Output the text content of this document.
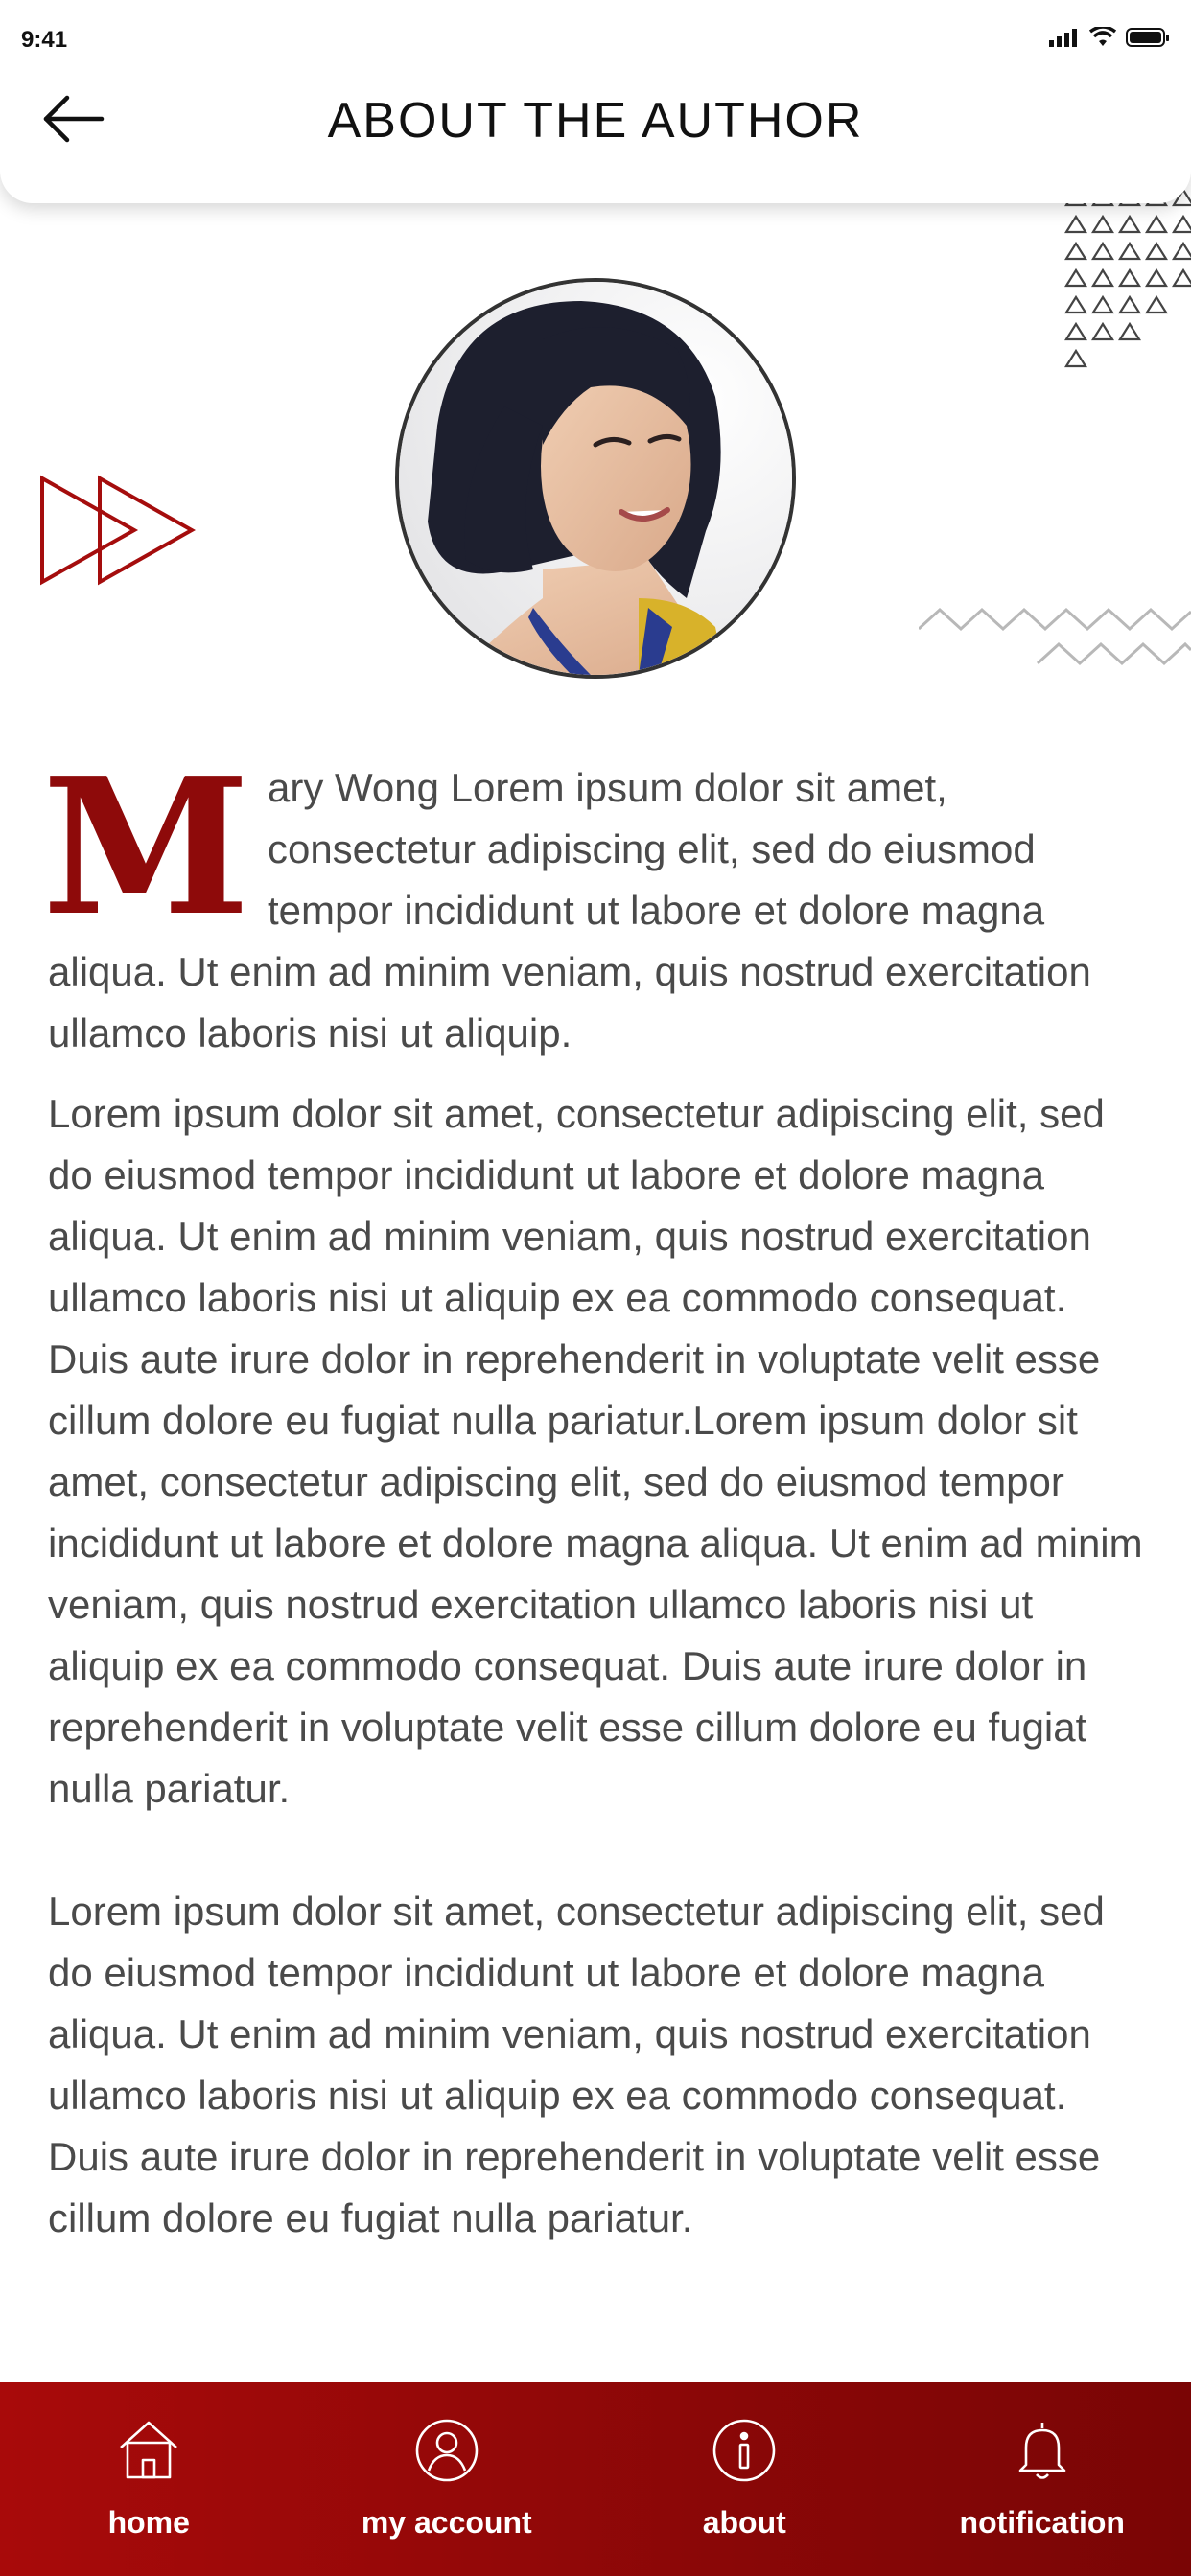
9:41
ABOUT THE AUTHOR
M ary Wong Lorem ipsum dolor sit amet, consectetur adipiscing elit, sed do eiusmod tempor incididunt ut labore et dolore magna aliqua. Ut enim ad minim veniam, quis nostrud exercitation ullamco laboris nisi ut aliquip.
Lorem ipsum dolor sit amet, consectetur adipiscing elit, sed do eiusmod tempor incididunt ut labore et dolore magna aliqua. Ut enim ad minim veniam, quis nostrud exercitation ullamco laboris nisi ut aliquip ex ea commodo consequat. Duis aute irure dolor in reprehenderit in voluptate velit esse cillum dolore eu fugiat nulla pariatur.Lorem ipsum dolor sit amet, consectetur adipiscing elit, sed do eiusmod tempor incididunt ut labore et dolore magna aliqua. Ut enim ad minim veniam, quis nostrud exercitation ullamco laboris nisi ut aliquip ex ea commodo consequat. Duis aute irure dolor in reprehenderit in voluptate velit esse cillum dolore eu fugiat nulla pariatur.
Lorem ipsum dolor sit amet, consectetur adipiscing elit, sed do eiusmod tempor incididunt ut labore et dolore magna aliqua. Ut enim ad minim veniam, quis nostrud exercitation ullamco laboris nisi ut aliquip ex ea commodo consequat. Duis aute irure dolor in reprehenderit in voluptate velit esse cillum dolore eu fugiat nulla pariatur.
home	my account	about	notification
